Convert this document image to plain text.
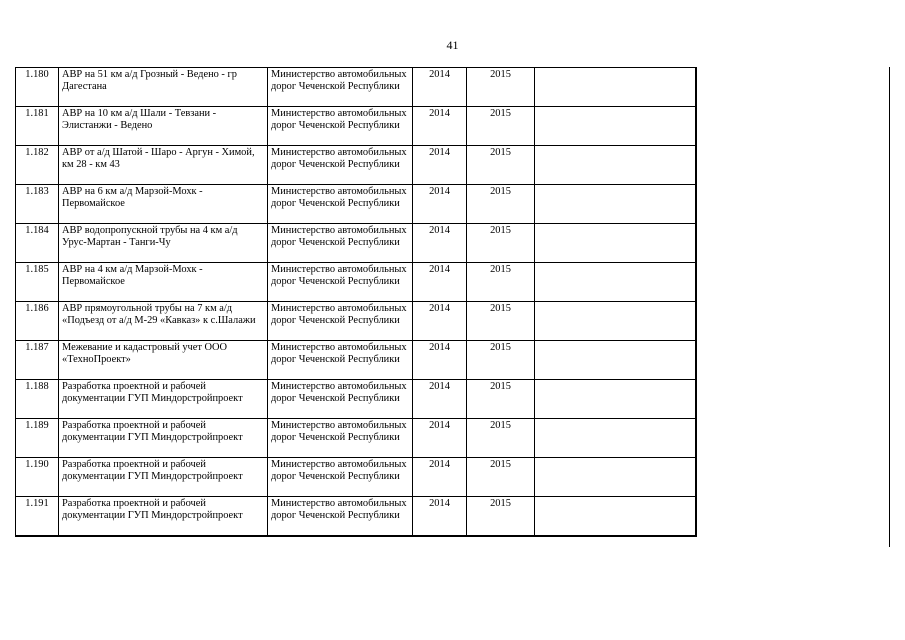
41
1.180	АВР на 51 км а/д Грозный - Ведено - гр Дагестана	Министерство автомобильных дорог Чеченской Республики	2014	2015	
1.181	АВР на 10 км а/д Шали - Тевзани - Элистанжи - Ведено	Министерство автомобильных дорог Чеченской Республики	2014	2015	
1.182	АВР от а/д Шатой - Шаро - Аргун - Химой, км 28 - км 43	Министерство автомобильных дорог Чеченской Республики	2014	2015	
1.183	АВР на 6 км а/д Марзой-Мохк - Первомайское	Министерство автомобильных дорог Чеченской Республики	2014	2015	
1.184	АВР водопропускной трубы на 4 км а/д Урус-Мартан - Танги-Чу	Министерство автомобильных дорог Чеченской Республики	2014	2015	
1.185	АВР на 4 км а/д Марзой-Мохк - Первомайское	Министерство автомобильных дорог Чеченской Республики	2014	2015	
1.186	АВР прямоугольной трубы на 7 км а/д «Подъезд от а/д М-29 «Кавказ» к с.Шалажи	Министерство автомобильных дорог Чеченской Республики	2014	2015	
1.187	Межевание и кадастровый учет ООО «ТехноПроект»	Министерство автомобильных дорог Чеченской Республики	2014	2015	
1.188	Разработка проектной и рабочей документации ГУП Миндорстройпроект	Министерство автомобильных дорог Чеченской Республики	2014	2015	
1.189	Разработка проектной и рабочей документации ГУП Миндорстройпроект	Министерство автомобильных дорог Чеченской Республики	2014	2015	
1.190	Разработка проектной и рабочей документации ГУП Миндорстройпроект	Министерство автомобильных дорог Чеченской Республики	2014	2015	
1.191	Разработка проектной и рабочей документации ГУП Миндорстройпроект	Министерство автомобильных дорог Чеченской Республики	2014	2015	
